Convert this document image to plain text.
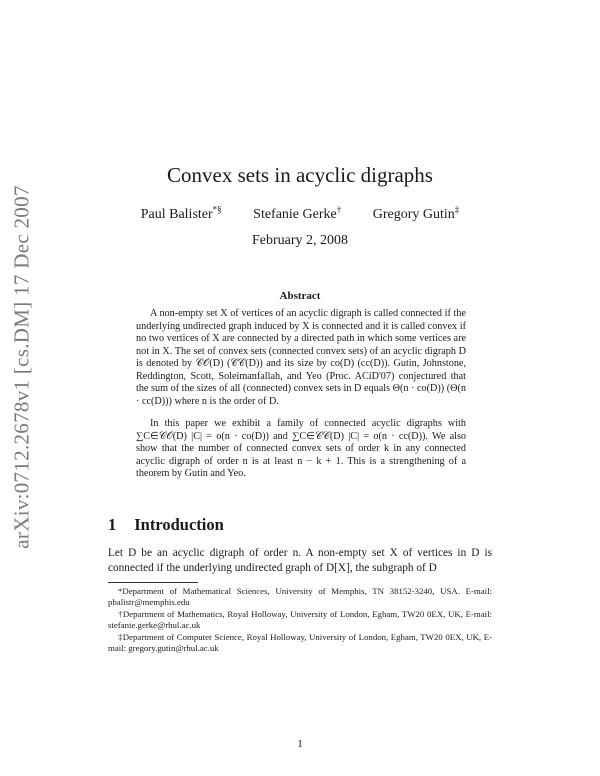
arXiv:0712.2678v1 [cs.DM] 17 Dec 2007
Convex sets in acyclic digraphs
Paul Balister*§ Stefanie Gerke† Gregory Gutin‡
February 2, 2008
Abstract
A non-empty set X of vertices of an acyclic digraph is called connected if the underlying undirected graph induced by X is connected and it is called convex if no two vertices of X are connected by a directed path in which some vertices are not in X. The set of convex sets (connected convex sets) of an acyclic digraph D is denoted by 𝒞𝒪(D) (𝒞𝒞(D)) and its size by co(D) (cc(D)). Gutin, Johnstone, Reddington, Scott, Soleimanfallah, and Yeo (Proc. ACiD'07) conjectured that the sum of the sizes of all (connected) convex sets in D equals Θ(n · co(D)) (Θ(n · cc(D))) where n is the order of D.
In this paper we exhibit a family of connected acyclic digraphs with ∑C∈𝒞𝒪(D) |C| = o(n · co(D)) and ∑C∈𝒞𝒞(D) |C| = o(n · cc(D)). We also show that the number of connected convex sets of order k in any connected acyclic digraph of order n is at least n − k + 1. This is a strengthening of a theorem by Gutin and Yeo.
1 Introduction
Let D be an acyclic digraph of order n. A non-empty set X of vertices in D is connected if the underlying undirected graph of D[X], the subgraph of D

*Department of Mathematical Sciences, University of Memphis, TN 38152-3240, USA. E-mail: pbalistr@memphis.edu

†Department of Mathematics, Royal Holloway, University of London, Egham, TW20 0EX, UK, E-mail: stefanie.gerke@rhul.ac.uk

‡Department of Computer Science, Royal Holloway, University of London, Egham, TW20 0EX, UK, E-mail: gregory.gutin@rhul.ac.uk

1
